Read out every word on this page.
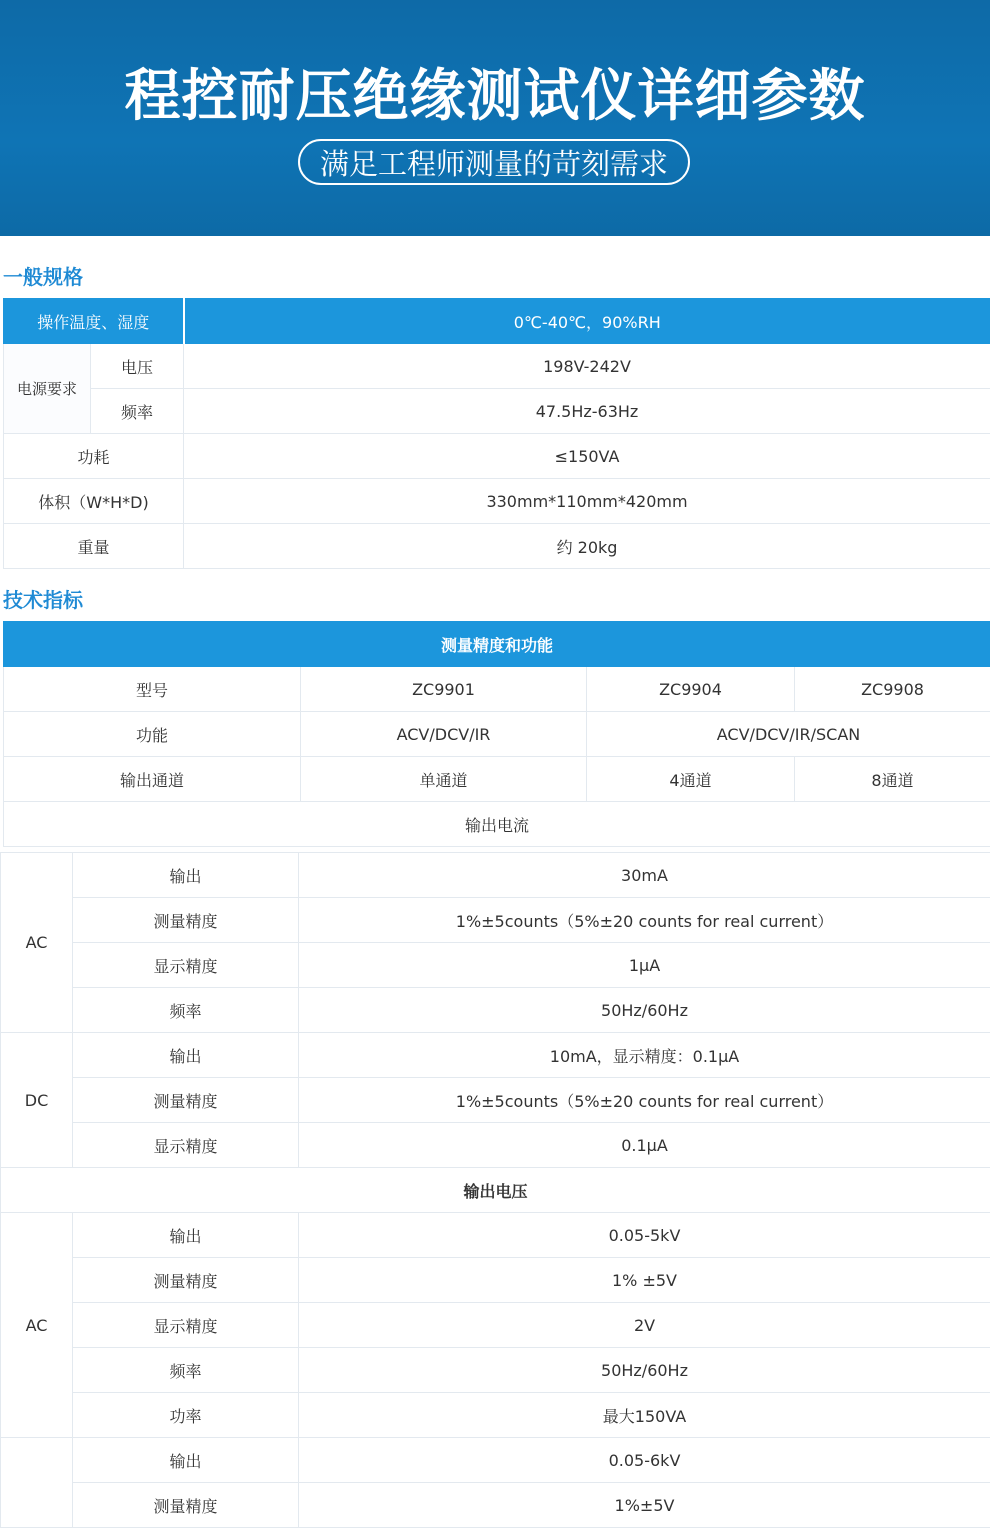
程控耐压绝缘测试仪详细参数
满足工程师测量的苛刻需求
一般规格
操作温度、湿度		0℃-40℃，90%RH
电源要求	电压	198V-242V
	频率	47.5Hz-63Hz
功耗		≤150VA
体积（W*H*D)		330mm*110mm*420mm
重量		约 20kg
技术指标
测量精度和功能			
型号	ZC9901	ZC9904	ZC9908
功能	ACV/DCV/IR	ACV/DCV/IR/SCAN	
输出通道	单通道	4通道	8通道
输出电流			
AC	输出	30mA
	测量精度	1%±5counts（5%±20 counts for real current）
	显示精度	1μA
	频率	50Hz/60Hz
DC	输出	10mA，显示精度：0.1μA
	测量精度	1%±5counts（5%±20 counts for real current）
	显示精度	0.1μA
输出电压		
AC	输出	0.05-5kV
	测量精度	1% ±5V
	显示精度	2V
	频率	50Hz/60Hz
	功率	最大150VA
	输出	0.05-6kV
	测量精度	1%±5V
